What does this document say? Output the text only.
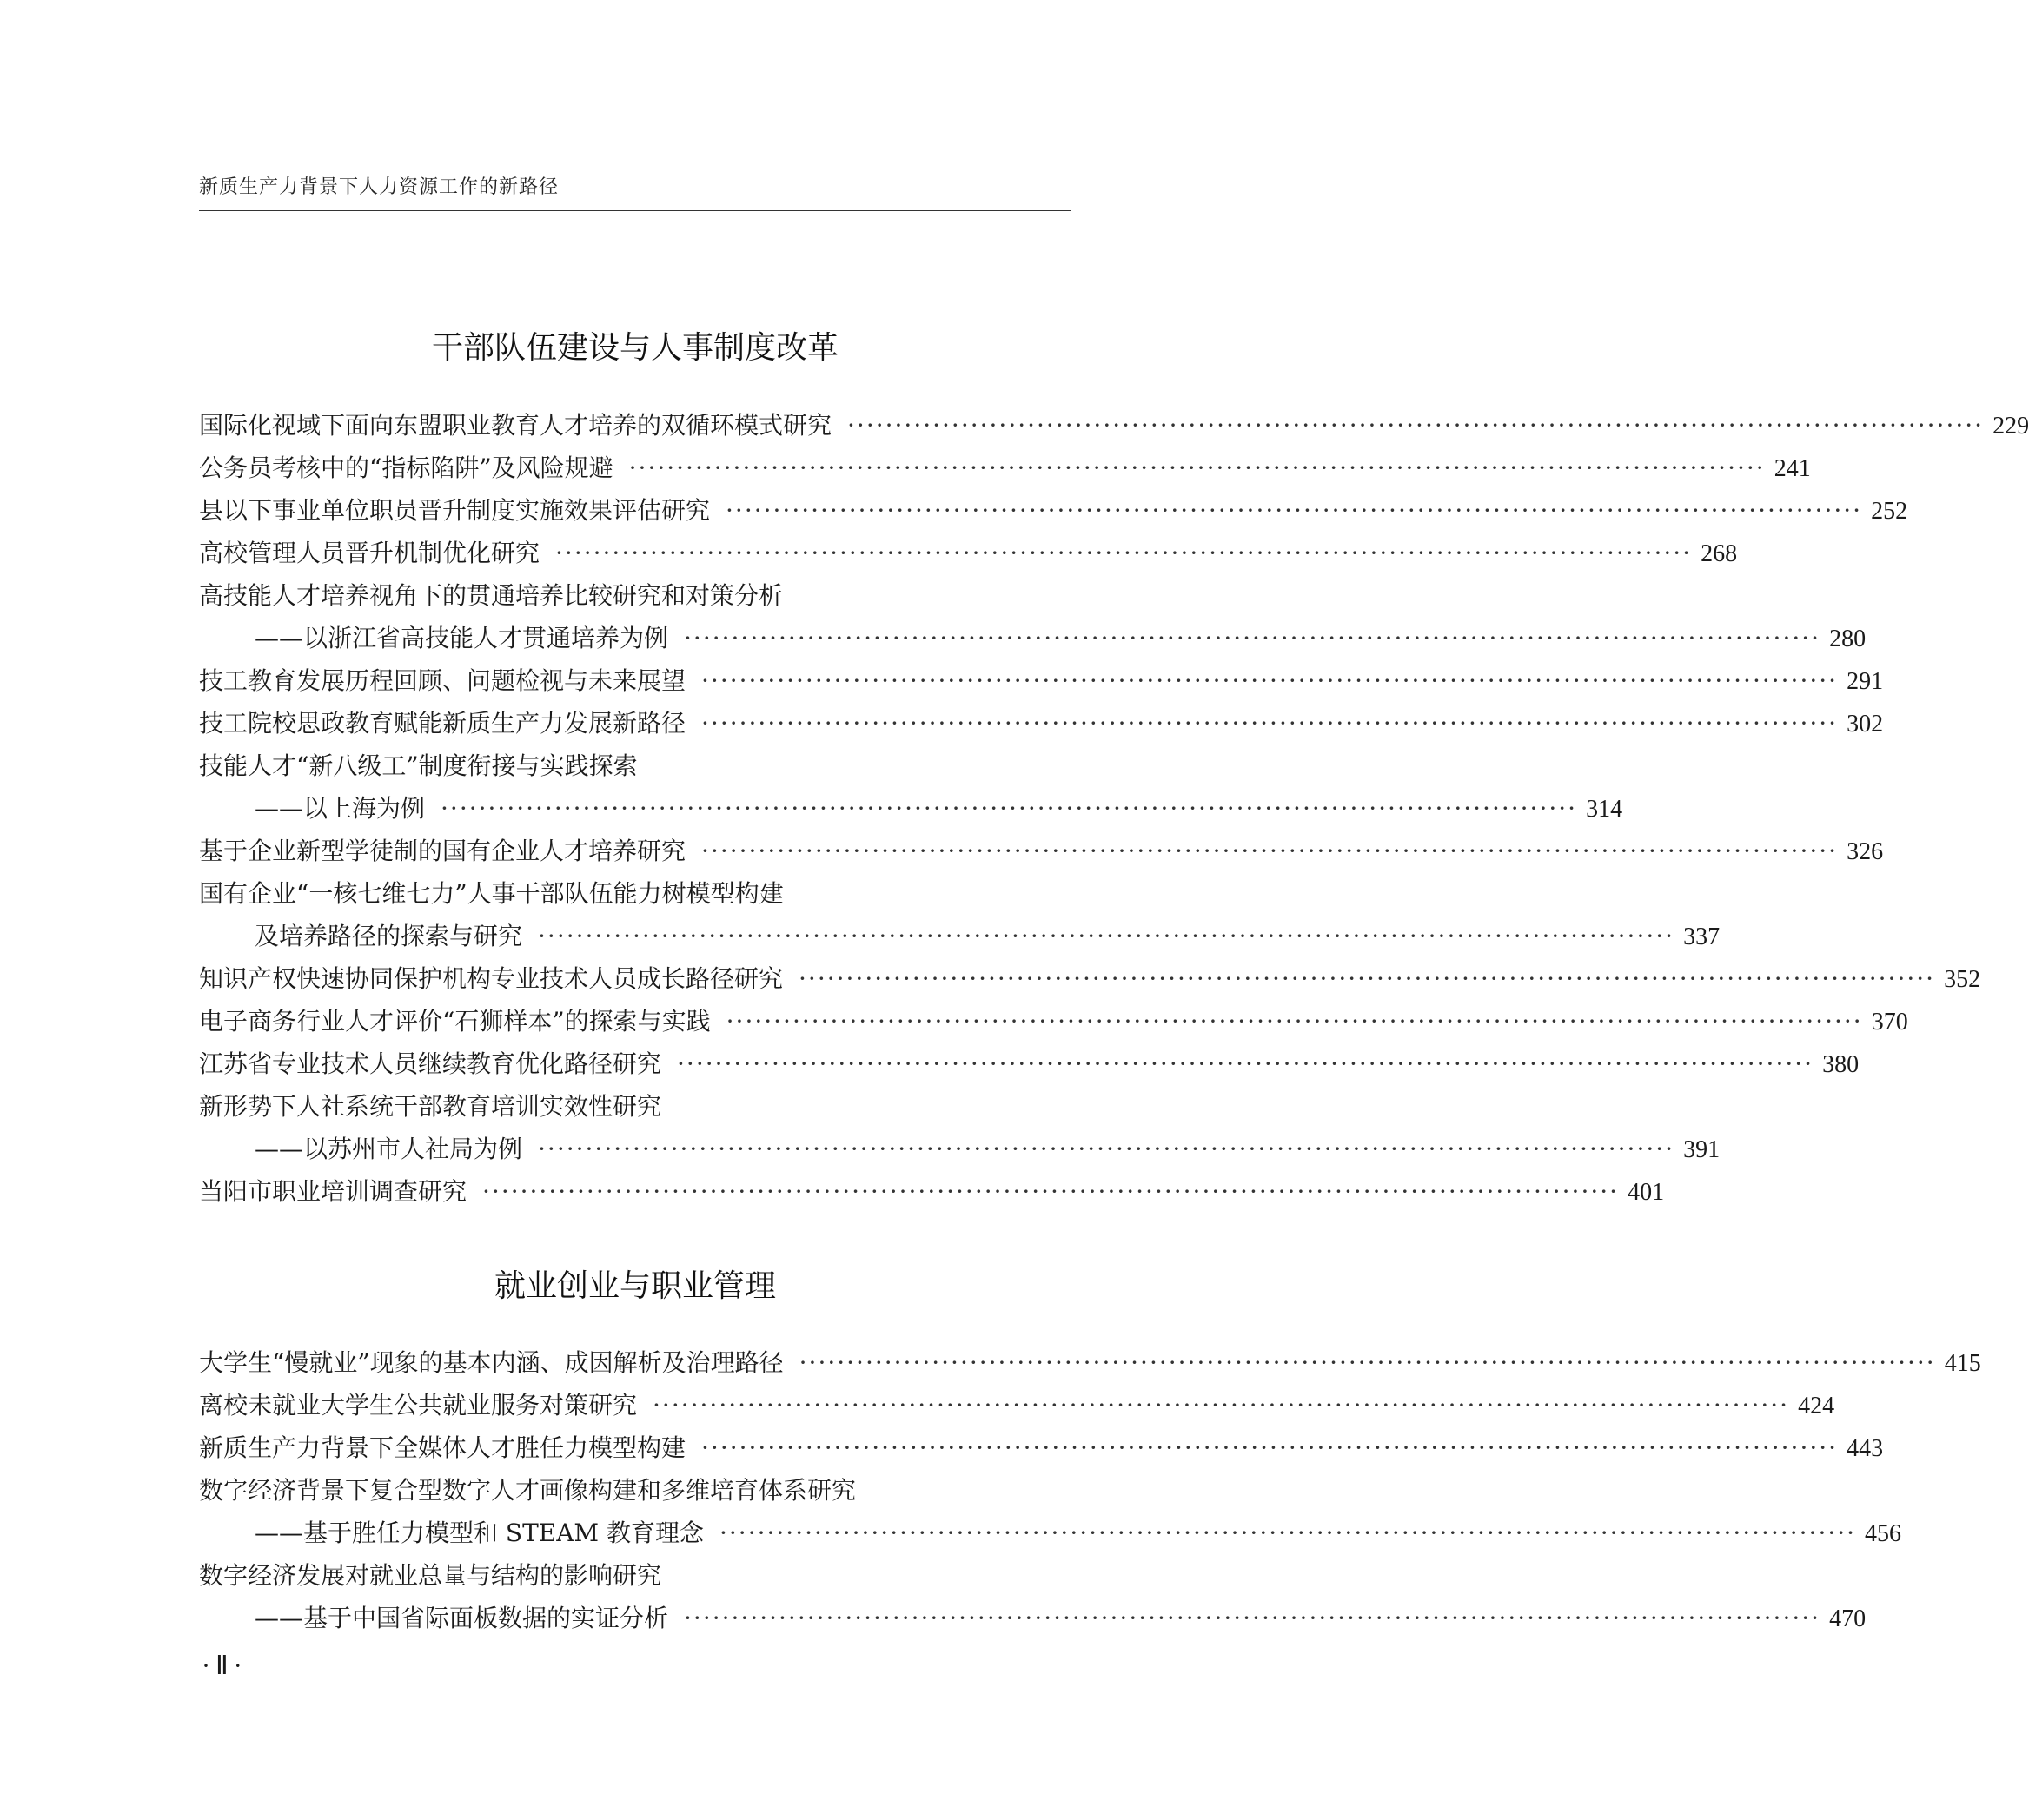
新质生产力背景下人力资源工作的新路径
干部队伍建设与人事制度改革
国际化视域下面向东盟职业教育人才培养的双循环模式研究 ························································································································ 229
公务员考核中的“指标陷阱”及风险规避 ························································································································ 241
县以下事业单位职员晋升制度实施效果评估研究 ························································································································ 252
高校管理人员晋升机制优化研究 ························································································································ 268
高技能人才培养视角下的贯通培养比较研究和对策分析
——以浙江省高技能人才贯通培养为例 ························································································································ 280
技工教育发展历程回顾、问题检视与未来展望 ························································································································ 291
技工院校思政教育赋能新质生产力发展新路径 ························································································································ 302
技能人才“新八级工”制度衔接与实践探索
——以上海为例 ························································································································ 314
基于企业新型学徒制的国有企业人才培养研究 ························································································································ 326
国有企业“一核七维七力”人事干部队伍能力树模型构建
及培养路径的探索与研究 ························································································································ 337
知识产权快速协同保护机构专业技术人员成长路径研究 ························································································································ 352
电子商务行业人才评价“石狮样本”的探索与实践 ························································································································ 370
江苏省专业技术人员继续教育优化路径研究 ························································································································ 380
新形势下人社系统干部教育培训实效性研究
——以苏州市人社局为例 ························································································································ 391
当阳市职业培训调查研究 ························································································································ 401
就业创业与职业管理
大学生“慢就业”现象的基本内涵、成因解析及治理路径 ························································································································ 415
离校未就业大学生公共就业服务对策研究 ························································································································ 424
新质生产力背景下全媒体人才胜任力模型构建 ························································································································ 443
数字经济背景下复合型数字人才画像构建和多维培育体系研究
——基于胜任力模型和 STEAM 教育理念 ························································································································ 456
数字经济发展对就业总量与结构的影响研究
——基于中国省际面板数据的实证分析 ························································································································ 470
·Ⅱ·
